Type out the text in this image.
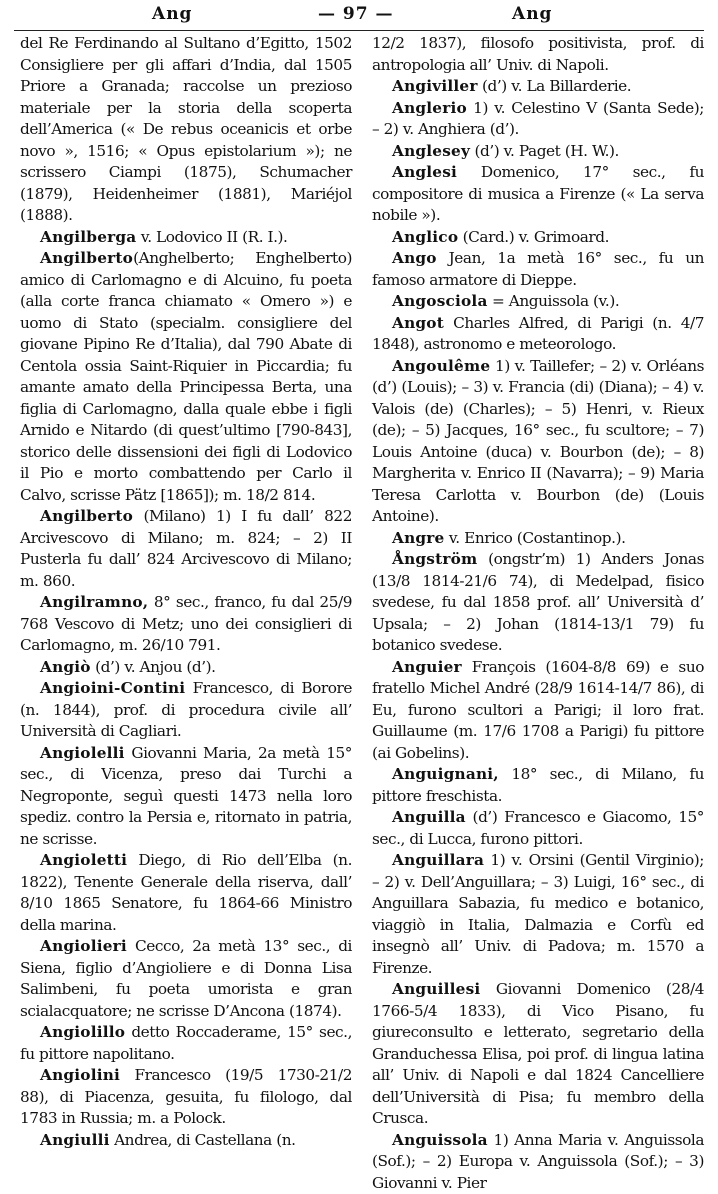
Ang	— 97 —	Ang

del Re Ferdinando al Sultano d’Egitto, 1502 Consigliere per gli affari d’India, dal 1505 Priore a Granada; raccolse un prezioso materiale per la storia della scoperta dell’America (« De rebus oceanicis et orbe novo », 1516; « Opus epistolarium »); ne scrissero Ciampi (1875), Schumacher (1879), Heidenheimer (1881), Mariéjol (1888).

Angilberga v. Lodovico II (R. I.).

Angilberto(Anghelberto; Enghelberto) amico di Carlomagno e di Alcuino, fu poeta (alla corte franca chiamato « Omero ») e uomo di Stato (specialm. consigliere del giovane Pipino Re d’Italia), dal 790 Abate di Centola ossia Saint-Riquier in Piccardia; fu amante amato della Principessa Berta, una figlia di Carlomagno, dalla quale ebbe i figli Arnido e Nitardo (di quest’ultimo [790-843], storico delle dissensioni dei figli di Lodovico il Pio e morto combattendo per Carlo il Calvo, scrisse Pätz [1865]); m. 18/2 814.

Angilberto (Milano) 1) I fu dall’ 822 Arcivescovo di Milano; m. 824; – 2) II Pusterla fu dall’ 824 Arcivescovo di Milano; m. 860.

Angilramno, 8° sec., franco, fu dal 25/9 768 Vescovo di Metz; uno dei consiglieri di Carlomagno, m. 26/10 791.

Angiò (d’) v. Anjou (d’).

Angioini-Contini Francesco, di Borore (n. 1844), prof. di procedura civile all’ Università di Cagliari.

Angiolelli Giovanni Maria, 2a metà 15° sec., di Vicenza, preso dai Turchi a Negroponte, seguì questi 1473 nella loro spediz. contro la Persia e, ritornato in patria, ne scrisse.

Angioletti Diego, di Rio dell’Elba (n. 1822), Tenente Generale della riserva, dall’ 8/10 1865 Senatore, fu 1864-66 Ministro della marina.

Angiolieri Cecco, 2a metà 13° sec., di Siena, figlio d’Angioliere e di Donna Lisa Salimbeni, fu poeta umorista e gran scialacquatore; ne scrisse D’Ancona (1874).

Angiolillo detto Roccaderame, 15° sec., fu pittore napolitano.

Angiolini Francesco (19/5 1730-21/2 88), di Piacenza, gesuita, fu filologo, dal 1783 in Russia; m. a Polock.

Angiulli Andrea, di Castellana (n.

12/2 1837), filosofo positivista, prof. di antropologia all’ Univ. di Napoli.

Angiviller (d’) v. La Billarderie.

Anglerio 1) v. Celestino V (Santa Sede); – 2) v. Anghiera (d’).

Anglesey (d’) v. Paget (H. W.).

Anglesi Domenico, 17° sec., fu compositore di musica a Firenze (« La serva nobile »).

Anglico (Card.) v. Grimoard.

Ango Jean, 1a metà 16° sec., fu un famoso armatore di Dieppe.

Angosciola = Anguissola (v.).

Angot Charles Alfred, di Parigi (n. 4/7 1848), astronomo e meteorologo.

Angoulême 1) v. Taillefer; – 2) v. Orléans (d’) (Louis); – 3) v. Francia (di) (Diana); – 4) v. Valois (de) (Charles); – 5) Henri, v. Rieux (de); – 5) Jacques, 16° sec., fu scultore; – 7) Louis Antoine (duca) v. Bourbon (de); – 8) Margherita v. Enrico II (Navarra); – 9) Maria Teresa Carlotta v. Bourbon (de) (Louis Antoine).

Angre v. Enrico (Costantinop.).

Ångström (ongstr’m) 1) Anders Jonas (13/8 1814-21/6 74), di Medelpad, fisico svedese, fu dal 1858 prof. all’ Università d’ Upsala; – 2) Johan (1814-13/1 79) fu botanico svedese.

Anguier François (1604-8/8 69) e suo fratello Michel André (28/9 1614-14/7 86), di Eu, furono scultori a Parigi; il loro frat. Guillaume (m. 17/6 1708 a Parigi) fu pittore (ai Gobelins).

Anguignani, 18° sec., di Milano, fu pittore freschista.

Anguilla (d’) Francesco e Giacomo, 15° sec., di Lucca, furono pittori.

Anguillara 1) v. Orsini (Gentil Virginio); – 2) v. Dell’Anguillara; – 3) Luigi, 16° sec., di Anguillara Sabazia, fu medico e botanico, viaggiò in Italia, Dalmazia e Corfù ed insegnò all’ Univ. di Padova; m. 1570 a Firenze.

Anguillesi Giovanni Domenico (28/4 1766-5/4 1833), di Vico Pisano, fu giureconsulto e letterato, segretario della Granduchessa Elisa, poi prof. di lingua latina all’ Univ. di Napoli e dal 1824 Cancelliere dell’Università di Pisa; fu membro della Crusca.

Anguissola 1) Anna Maria v. Anguissola (Sof.); – 2) Europa v. Anguissola (Sof.); – 3) Giovanni v. Pier
